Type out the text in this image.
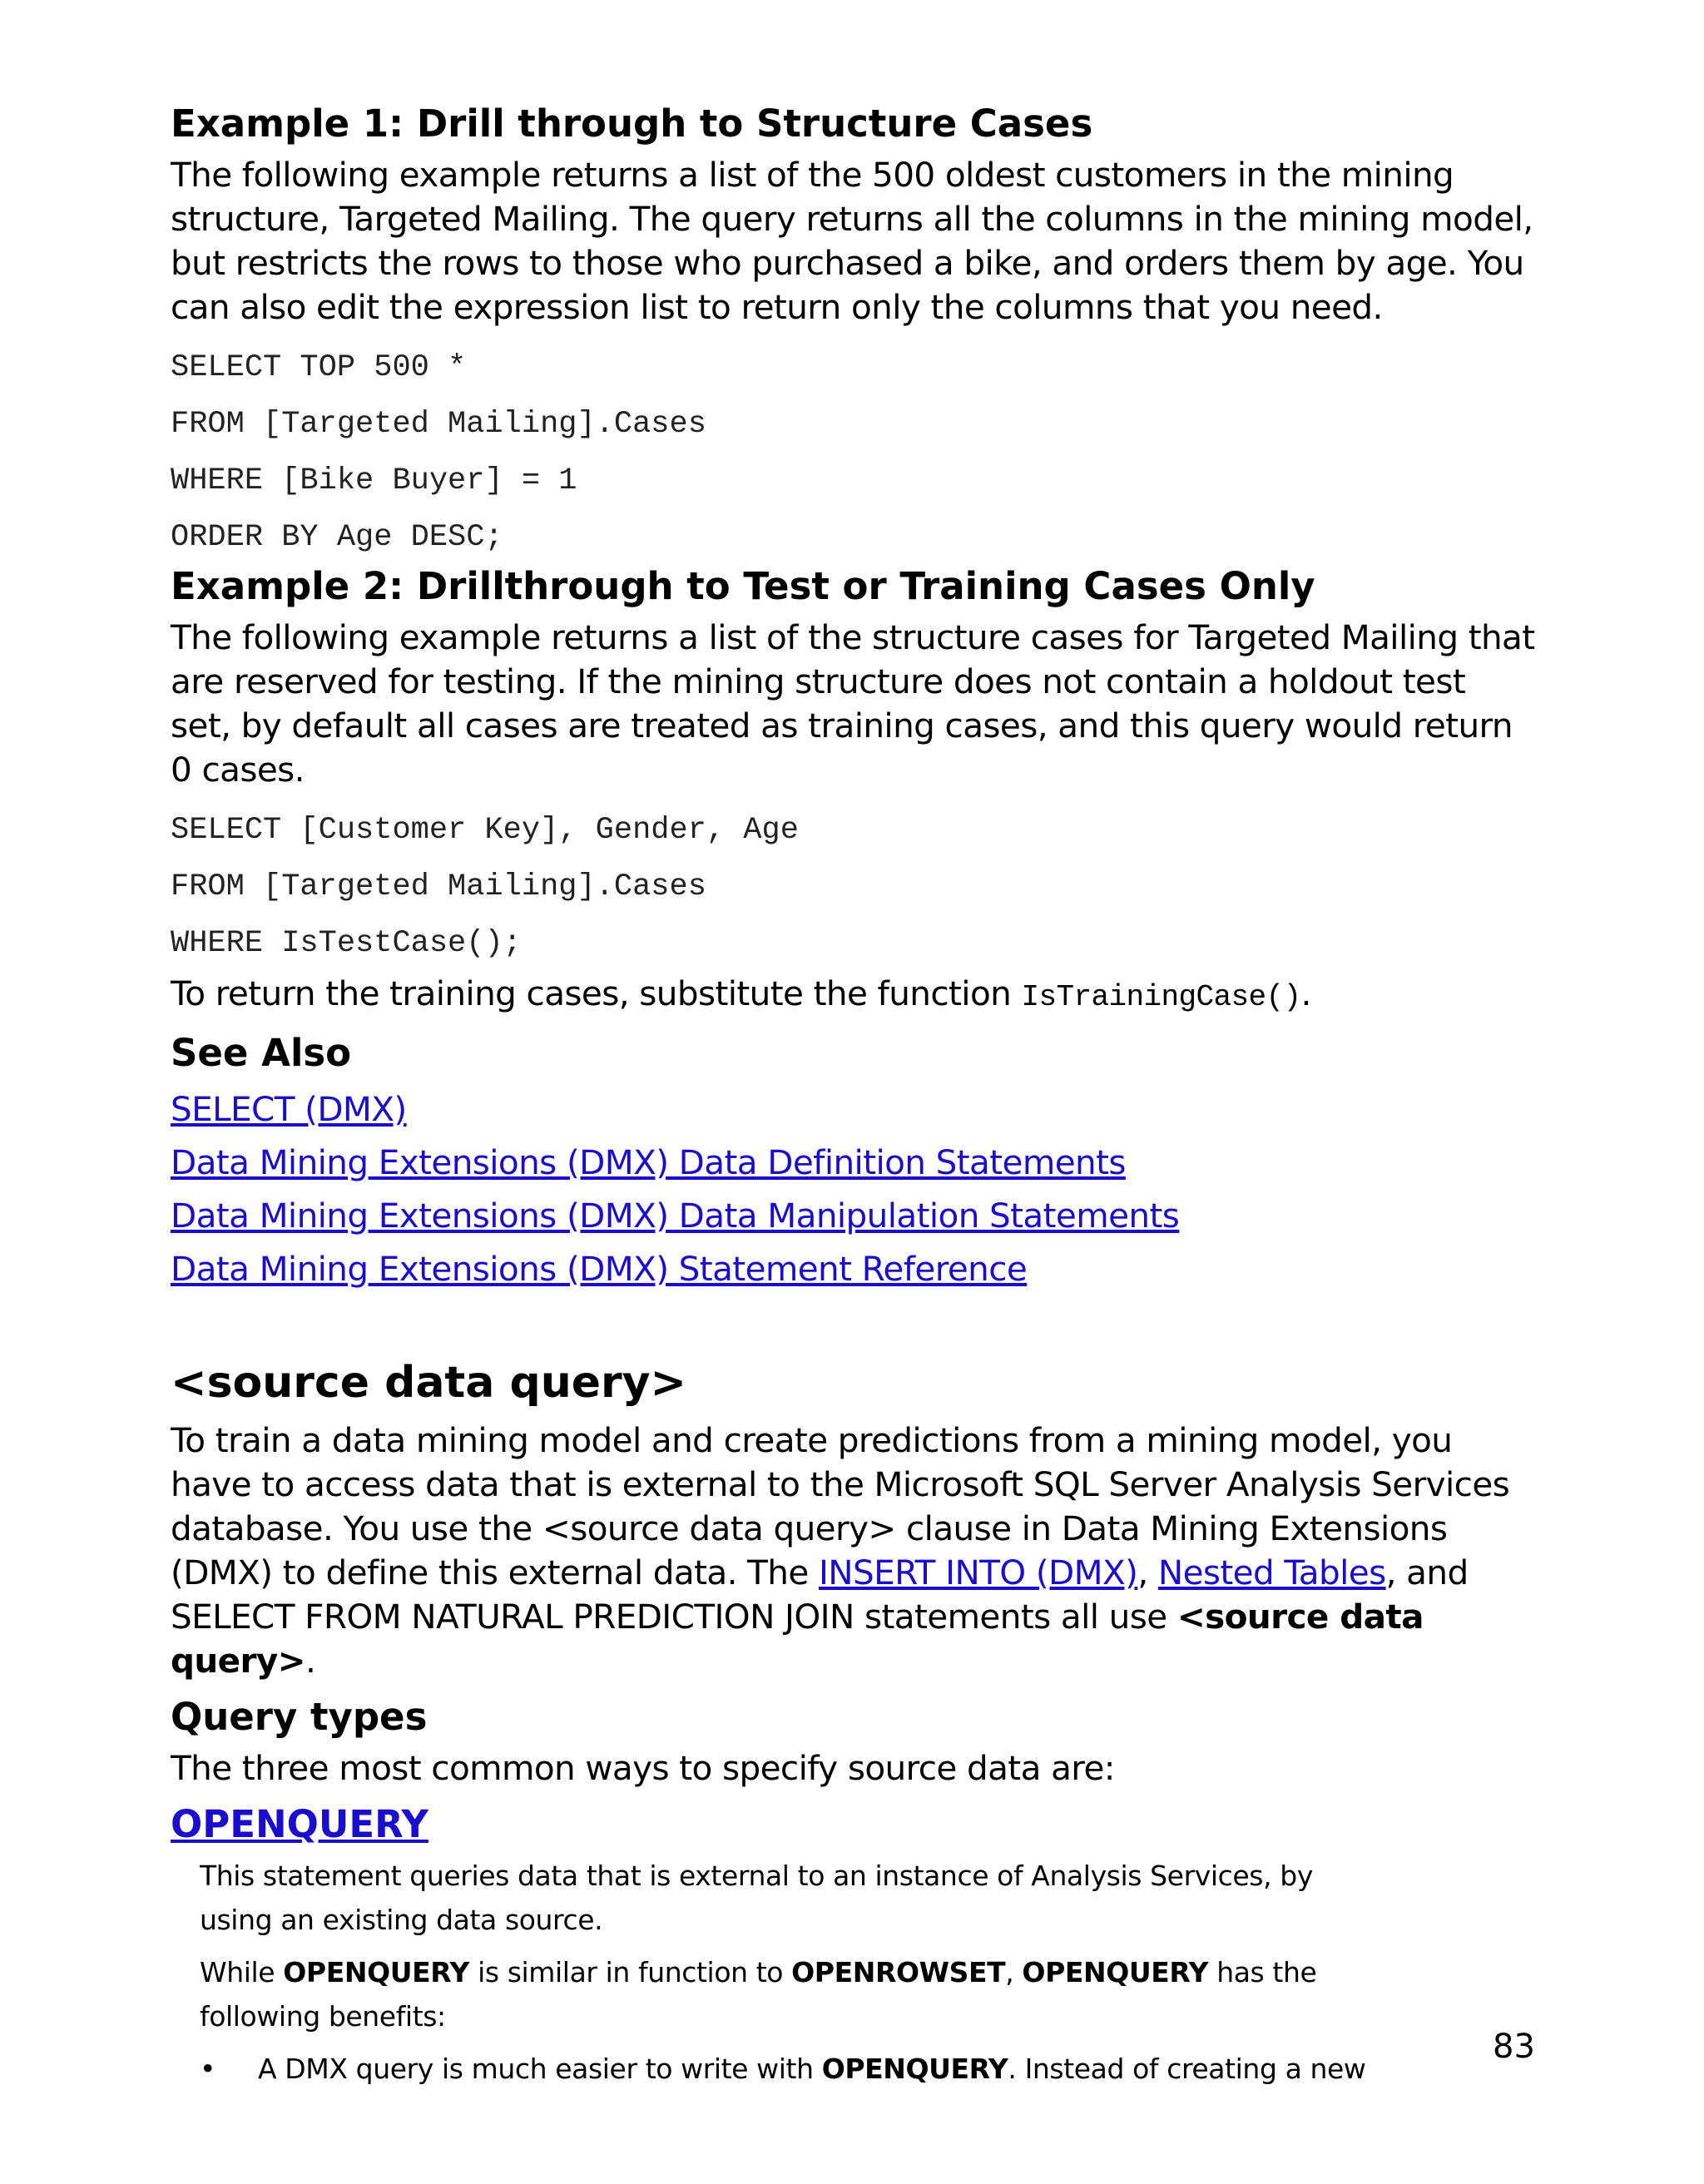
Example 1: Drill through to Structure Cases
The following example returns a list of the 500 oldest customers in the mining structure, Targeted Mailing. The query returns all the columns in the mining model, but restricts the rows to those who purchased a bike, and orders them by age. You can also edit the expression list to return only the columns that you need.
SELECT TOP 500 *
FROM [Targeted Mailing].Cases
WHERE [Bike Buyer] = 1
ORDER BY Age DESC;
Example 2: Drillthrough to Test or Training Cases Only
The following example returns a list of the structure cases for Targeted Mailing that are reserved for testing. If the mining structure does not contain a holdout test set, by default all cases are treated as training cases, and this query would return 0 cases.
SELECT [Customer Key], Gender, Age
FROM [Targeted Mailing].Cases
WHERE IsTestCase();
To return the training cases, substitute the function IsTrainingCase().
See Also
SELECT (DMX)
Data Mining Extensions (DMX) Data Definition Statements
Data Mining Extensions (DMX) Data Manipulation Statements
Data Mining Extensions (DMX) Statement Reference
<source data query>
To train a data mining model and create predictions from a mining model, you have to access data that is external to the Microsoft SQL Server Analysis Services database. You use the <source data query> clause in Data Mining Extensions (DMX) to define this external data. The INSERT INTO (DMX), Nested Tables, and SELECT FROM NATURAL PREDICTION JOIN statements all use <source data query>.
Query types
The three most common ways to specify source data are:
OPENQUERY
This statement queries data that is external to an instance of Analysis Services, by using an existing data source.
While OPENQUERY is similar in function to OPENROWSET, OPENQUERY has the following benefits:
• A DMX query is much easier to write with OPENQUERY. Instead of creating a new
83
